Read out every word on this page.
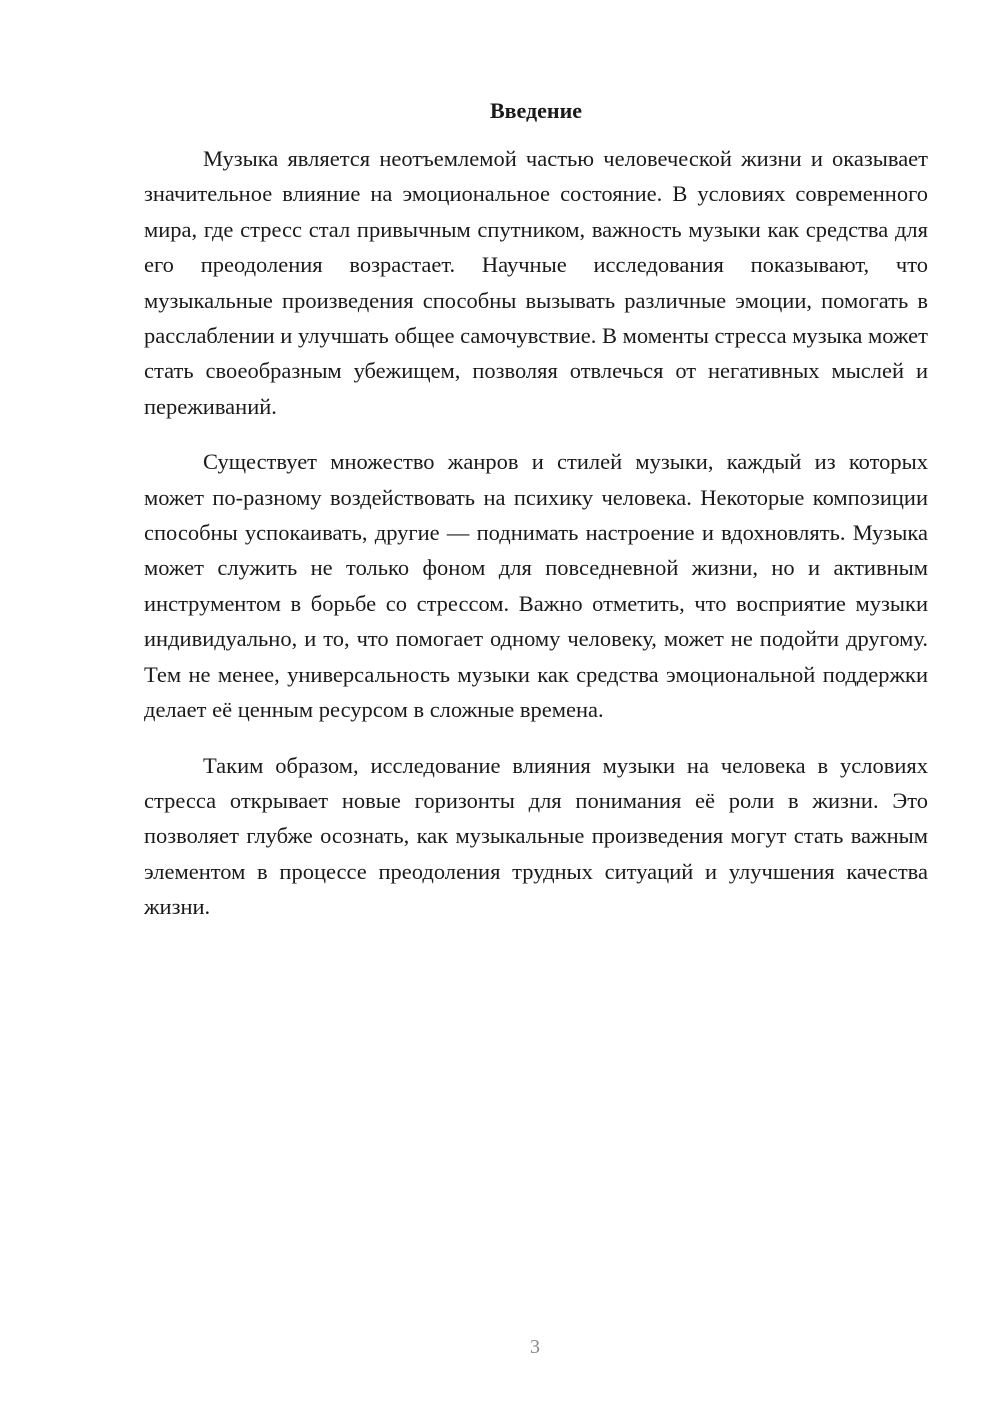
Введение

Музыка является неотъемлемой частью человеческой жизни и оказывает значительное влияние на эмоциональное состояние. В условиях современного мира, где стресс стал привычным спутником, важность музыки как средства для его преодоления возрастает. Научные исследования показывают, что музыкальные произведения способны вызывать различные эмоции, помогать в расслаблении и улучшать общее самочувствие. В моменты стресса музыка может стать своеобразным убежищем, позволяя отвлечься от негативных мыслей и переживаний.

Существует множество жанров и стилей музыки, каждый из которых может по-разному воздействовать на психику человека. Некоторые композиции способны успокаивать, другие — поднимать настроение и вдохновлять. Музыка может служить не только фоном для повседневной жизни, но и активным инструментом в борьбе со стрессом. Важно отметить, что восприятие музыки индивидуально, и то, что помогает одному человеку, может не подойти другому. Тем не менее, универсальность музыки как средства эмоциональной поддержки делает её ценным ресурсом в сложные времена.

Таким образом, исследование влияния музыки на человека в условиях стресса открывает новые горизонты для понимания её роли в жизни. Это позволяет глубже осознать, как музыкальные произведения могут стать важным элементом в процессе преодоления трудных ситуаций и улучшения качества жизни.

3
